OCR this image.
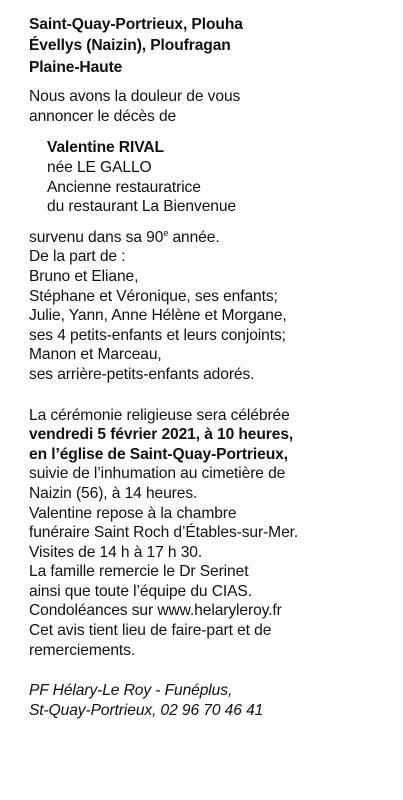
Saint-Quay-Portrieux, Plouha
Évellys (Naizin), Ploufragan
Plaine-Haute
Nous avons la douleur de vous
annoncer le décès de
Valentine RIVAL
née LE GALLO
Ancienne restauratrice
du restaurant La Bienvenue
survenu dans sa 90e année.
De la part de :
Bruno et Eliane,
Stéphane et Véronique, ses enfants;
Julie, Yann, Anne Hélène et Morgane,
ses 4 petits-enfants et leurs conjoints;
Manon et Marceau,
ses arrière-petits-enfants adorés.
La cérémonie religieuse sera célébrée
vendredi 5 février 2021, à 10 heures,
en l’église de Saint-Quay-Portrieux,
suivie de l’inhumation au cimetière de
Naizin (56), à 14 heures.
Valentine repose à la chambre
funéraire Saint Roch d’Étables-sur-Mer.
Visites de 14 h à 17 h 30.
La famille remercie le Dr Serinet
ainsi que toute l’équipe du CIAS.
Condoléances sur www.helaryleroy.fr
Cet avis tient lieu de faire-part et de
remerciements.
PF Hélary-Le Roy - Funéplus,
St-Quay-Portrieux, 02 96 70 46 41
